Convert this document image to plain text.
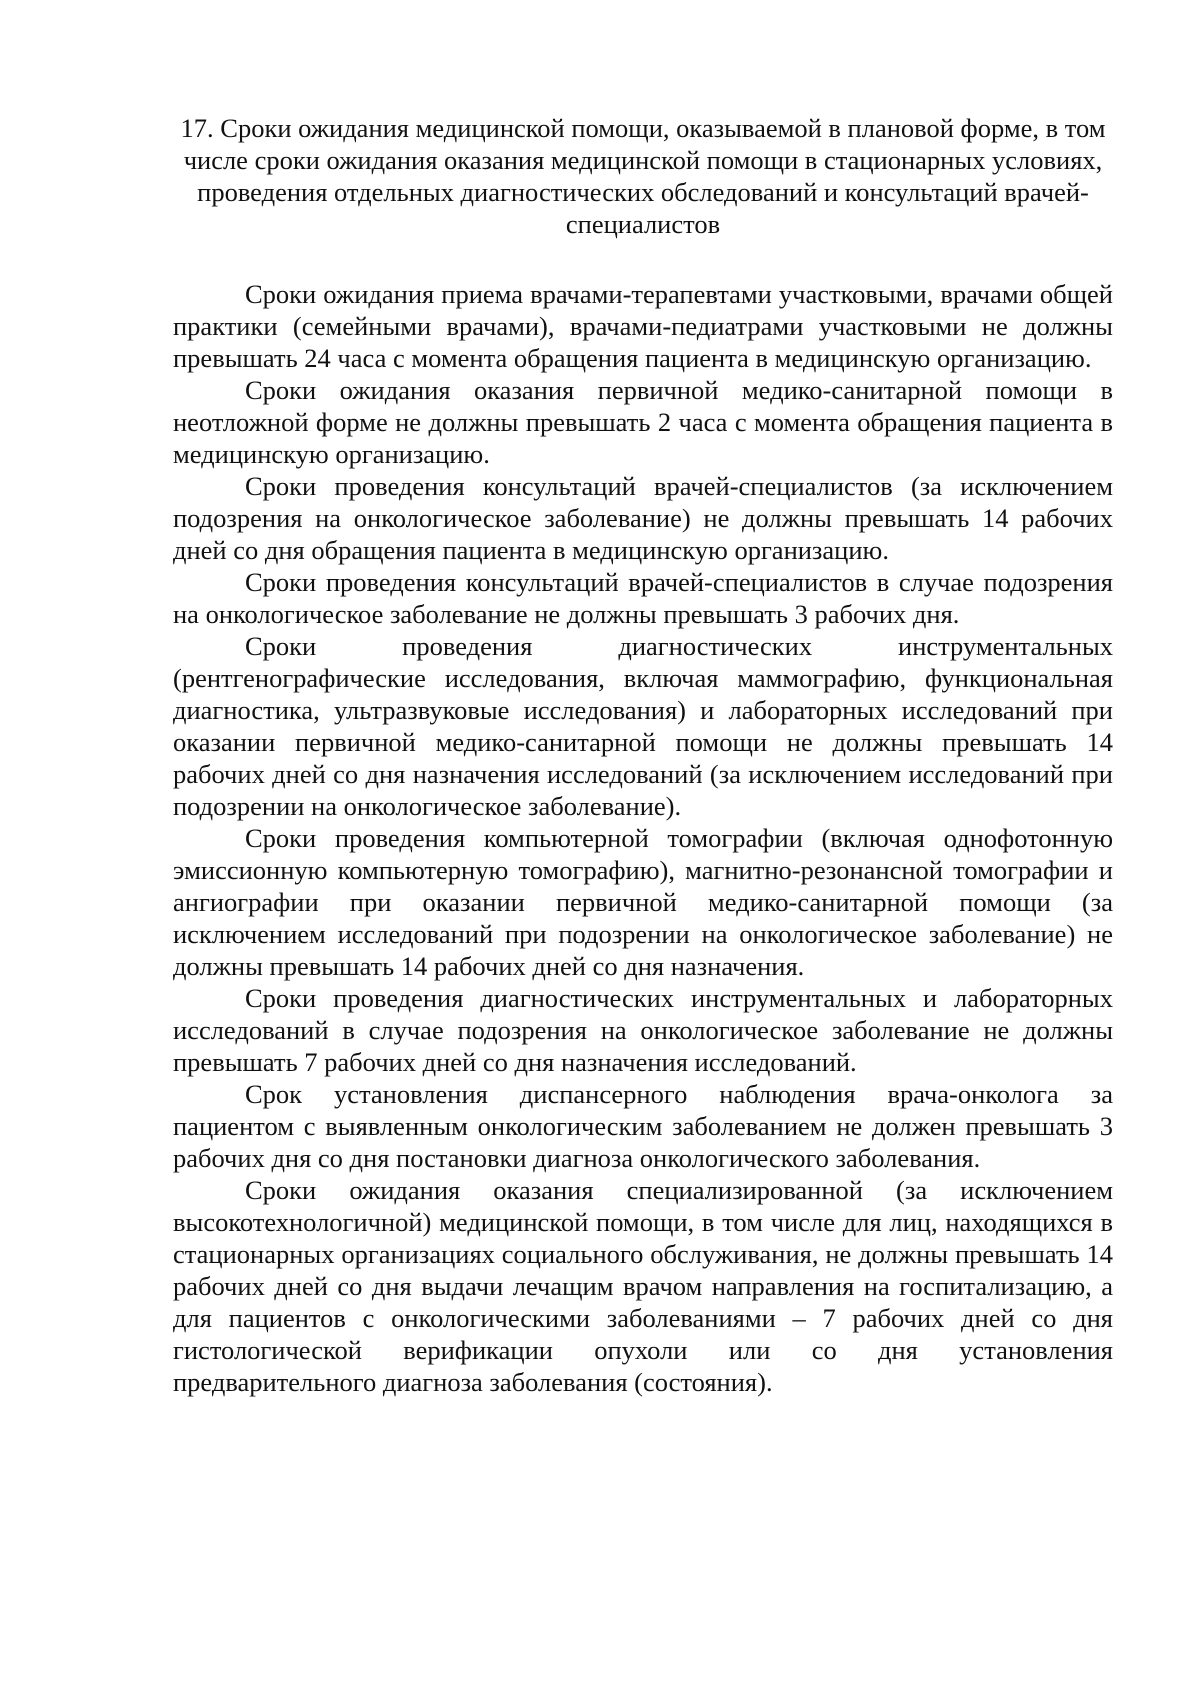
17. Сроки ожидания медицинской помощи, оказываемой в плановой форме, в том числе сроки ожидания оказания медицинской помощи в стационарных условиях, проведения отдельных диагностических обследований и консультаций врачей-специалистов

Сроки ожидания приема врачами-терапевтами участковыми, врачами общей практики (семейными врачами), врачами-педиатрами участковыми не должны превышать 24 часа с момента обращения пациента в медицинскую организацию.

Сроки ожидания оказания первичной медико-санитарной помощи в неотложной форме не должны превышать 2 часа с момента обращения пациента в медицинскую организацию.

Сроки проведения консультаций врачей-специалистов (за исключением подозрения на онкологическое заболевание) не должны превышать 14 рабочих дней со дня обращения пациента в медицинскую организацию.

Сроки проведения консультаций врачей-специалистов в случае подозрения на онкологическое заболевание не должны превышать 3 рабочих дня.

Сроки проведения диагностических инструментальных (рентгенографические исследования, включая маммографию, функциональная диагностика, ультразвуковые исследования) и лабораторных исследований при оказании первичной медико-санитарной помощи не должны превышать 14 рабочих дней со дня назначения исследований (за исключением исследований при подозрении на онкологическое заболевание).

Сроки проведения компьютерной томографии (включая однофотонную эмиссионную компьютерную томографию), магнитно-резонансной томографии и ангиографии при оказании первичной медико-санитарной помощи (за исключением исследований при подозрении на онкологическое заболевание) не должны превышать 14 рабочих дней со дня назначения.

Сроки проведения диагностических инструментальных и лабораторных исследований в случае подозрения на онкологическое заболевание не должны превышать 7 рабочих дней со дня назначения исследований.

Срок установления диспансерного наблюдения врача-онколога за пациентом с выявленным онкологическим заболеванием не должен превышать 3 рабочих дня со дня постановки диагноза онкологического заболевания.

Сроки ожидания оказания специализированной (за исключением высокотехнологичной) медицинской помощи, в том числе для лиц, находящихся в стационарных организациях социального обслуживания, не должны превышать 14 рабочих дней со дня выдачи лечащим врачом направления на госпитализацию, а для пациентов с онкологическими заболеваниями – 7 рабочих дней со дня гистологической верификации опухоли или со дня установления предварительного диагноза заболевания (состояния).
